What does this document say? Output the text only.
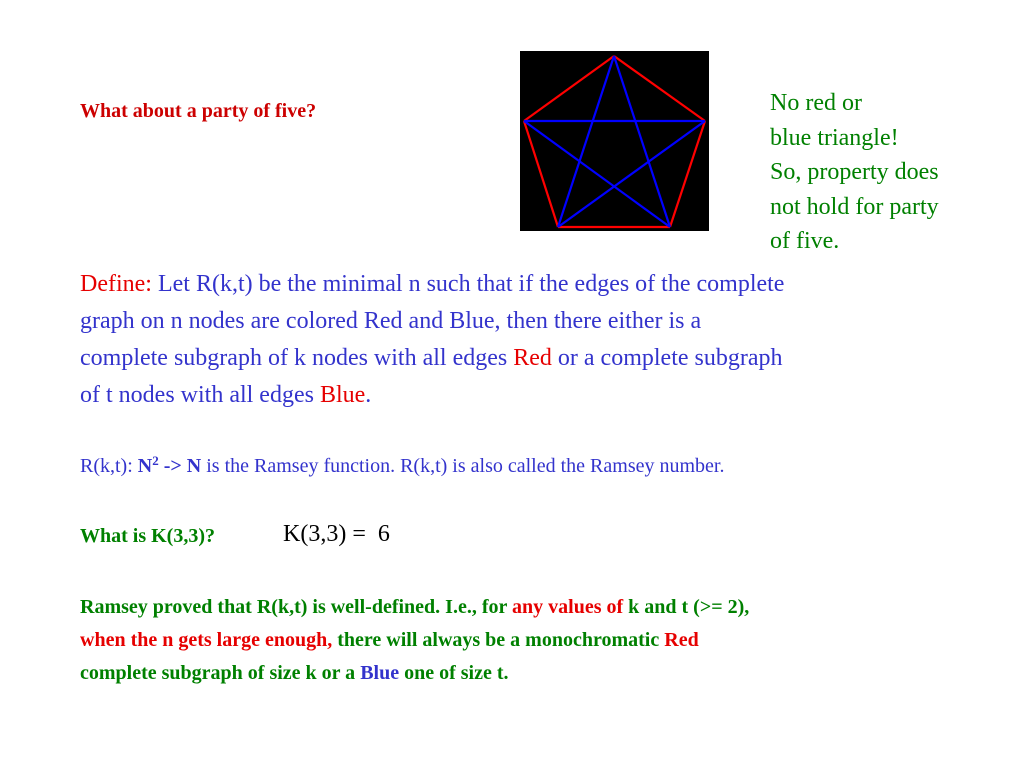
What about a party of five?	No red or
blue triangle!
So, property does
not hold for party
of five.
Define: Let R(k,t) be the minimal n such that if the edges of the complete
graph on n nodes are colored Red and Blue, then there either is a
complete subgraph of k nodes with all edges Red or a complete subgraph
of t nodes with all edges Blue.

R(k,t): $N^2 -> N$ is the Ramsey function. R(k,t) is also called the Ramsey number.

What is K(3,3)?	K(3,3) =  6

Ramsey proved that R(k,t) is well-defined. I.e., for any values of k and t (>= 2),
when the n gets large enough, there will always be a monochromatic Red
complete subgraph of size k or a Blue one of size t.
